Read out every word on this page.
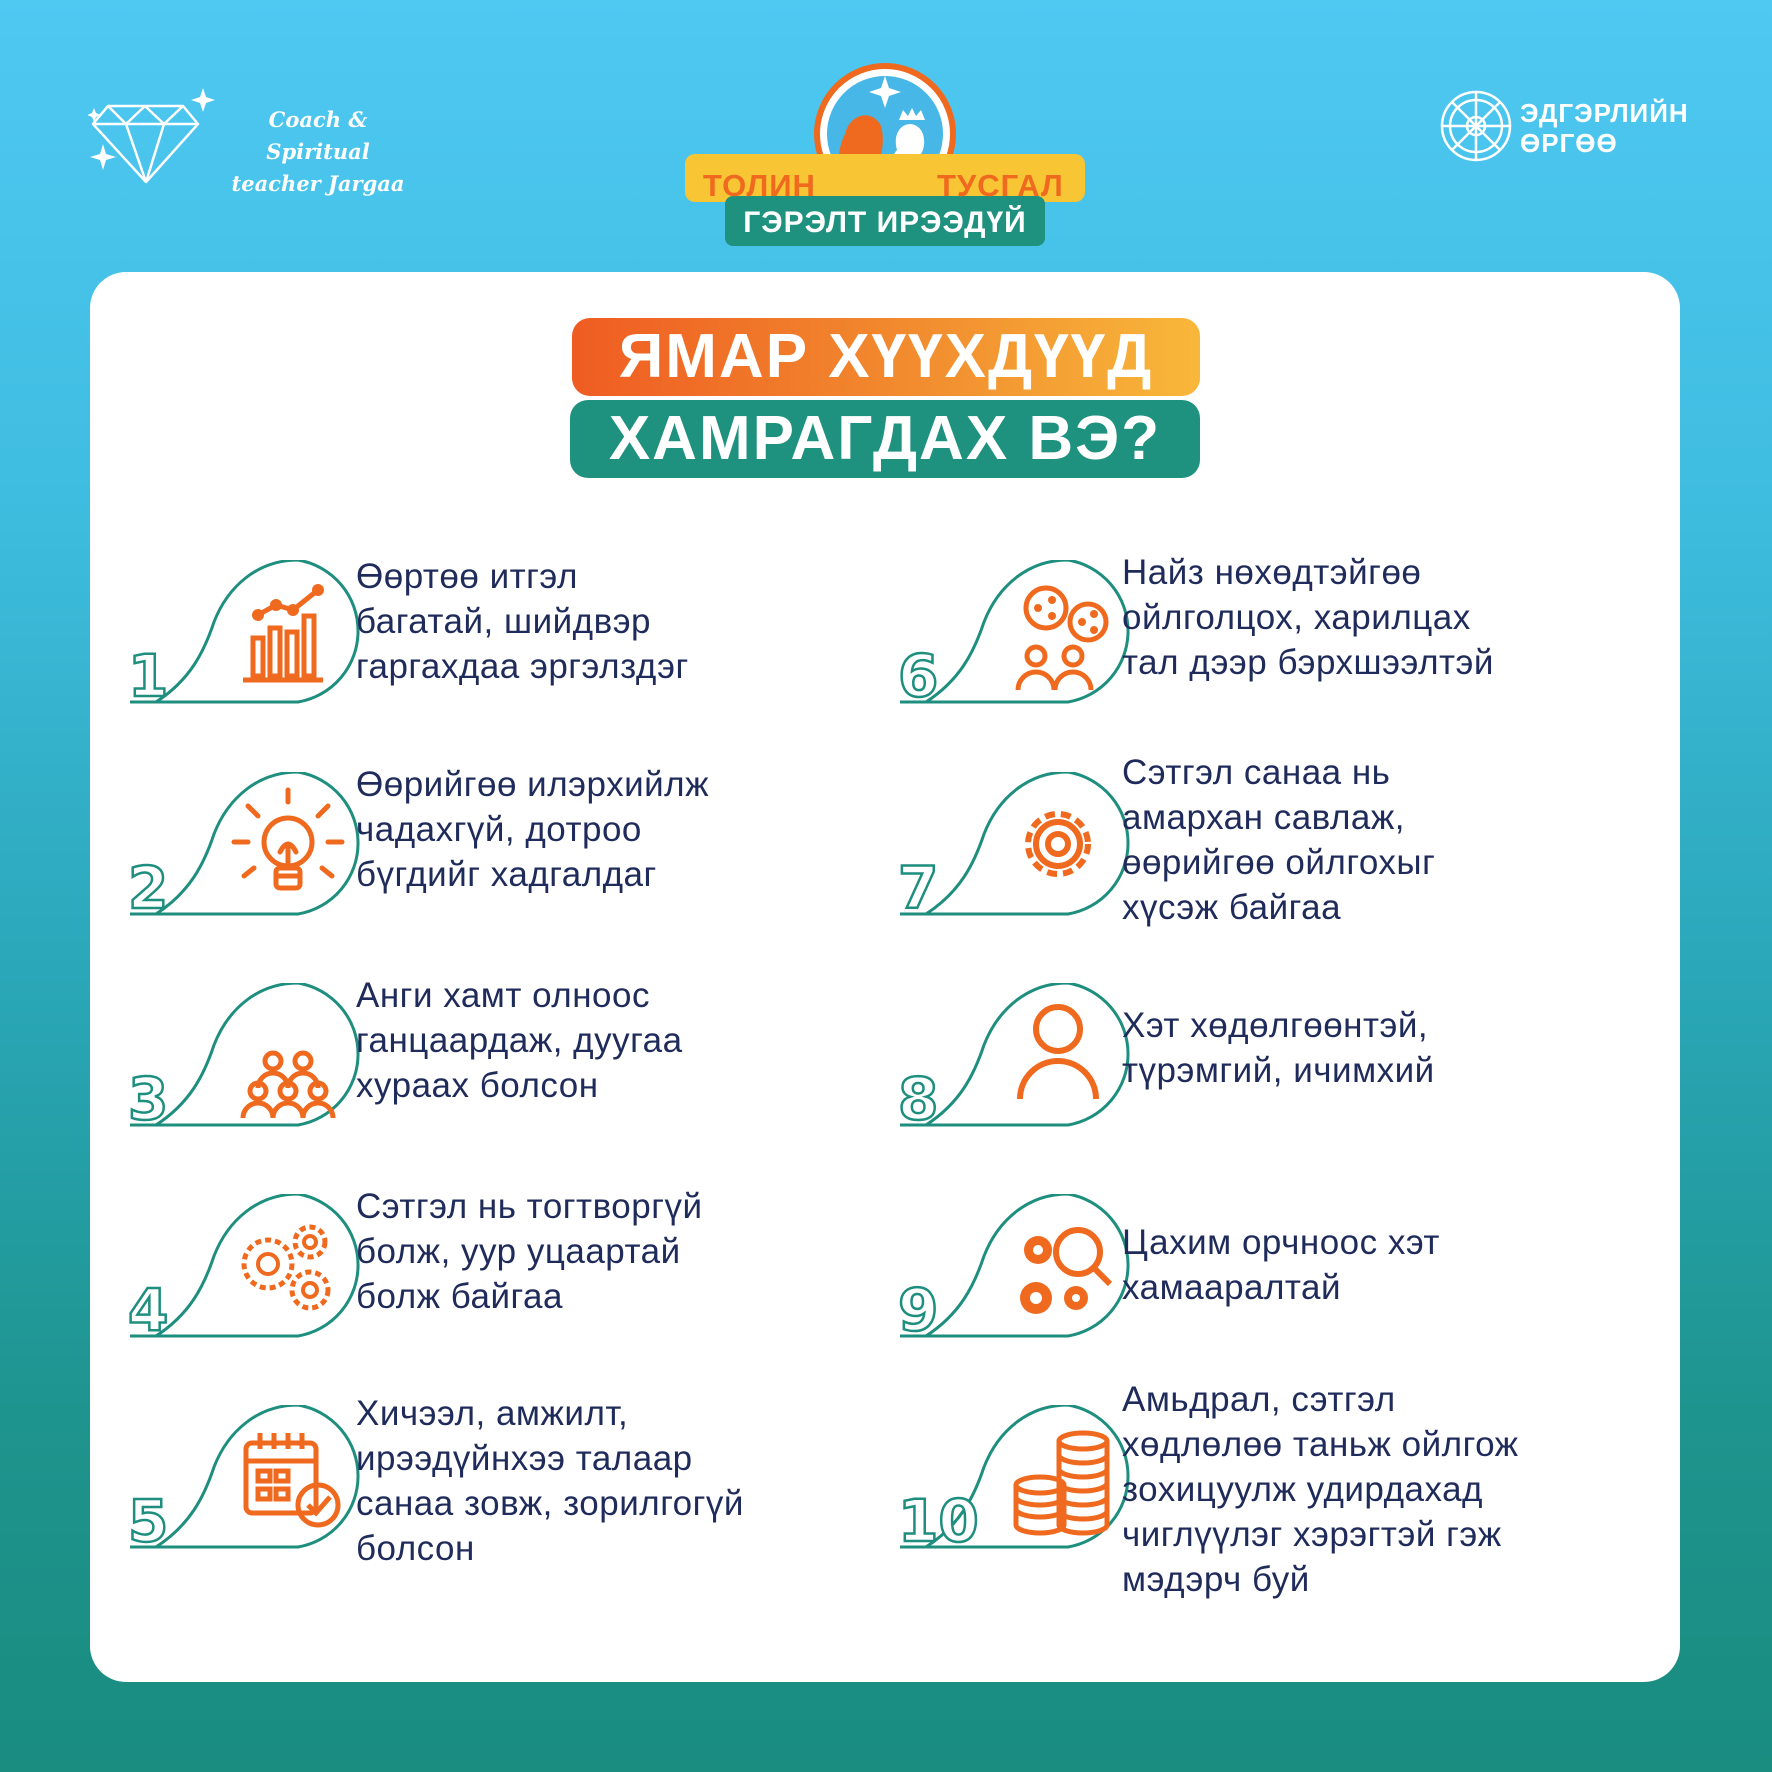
Coach & Spiritual
teacher Jargaa	ТОЛИН	ТУСГАЛ
ГЭРЭЛТ ИРЭЭДҮЙ
ЭДГЭРЛИЙН
ӨРГӨӨ
ЯМАР ХҮҮХДҮҮД
ХАМРАГДАХ ВЭ?
1
Өөртөө итгэл
багатай, шийдвэр
гаргахдаа эргэлздэг
2
Өөрийгөө илэрхийлж
чадахгүй, дотроо
бүгдийг хадгалдаг
3
Анги хамт олноос
ганцаардаж, дуугаа
хураах болсон
4
Сэтгэл нь тогтворгүй
болж, уур уцаартай
болж байгаа
5
Хичээл, амжилт,
ирээдүйнхээ талаар
санаа зовж, зорилгогүй
болсон
6
Найз нөхөдтэйгөө
ойлголцох, харилцах
тал дээр бэрхшээлтэй
7
Сэтгэл санаа нь
амархан савлаж,
өөрийгөө ойлгохыг
хүсэж байгаа
8
Хэт хөдөлгөөнтэй,
түрэмгий, ичимхий
9
Цахим орчноос хэт
хамааралтай
10
Амьдрал, сэтгэл
хөдлөлөө таньж ойлгож
зохицуулж удирдахад
чиглүүлэг хэрэгтэй гэж
мэдэрч буй
